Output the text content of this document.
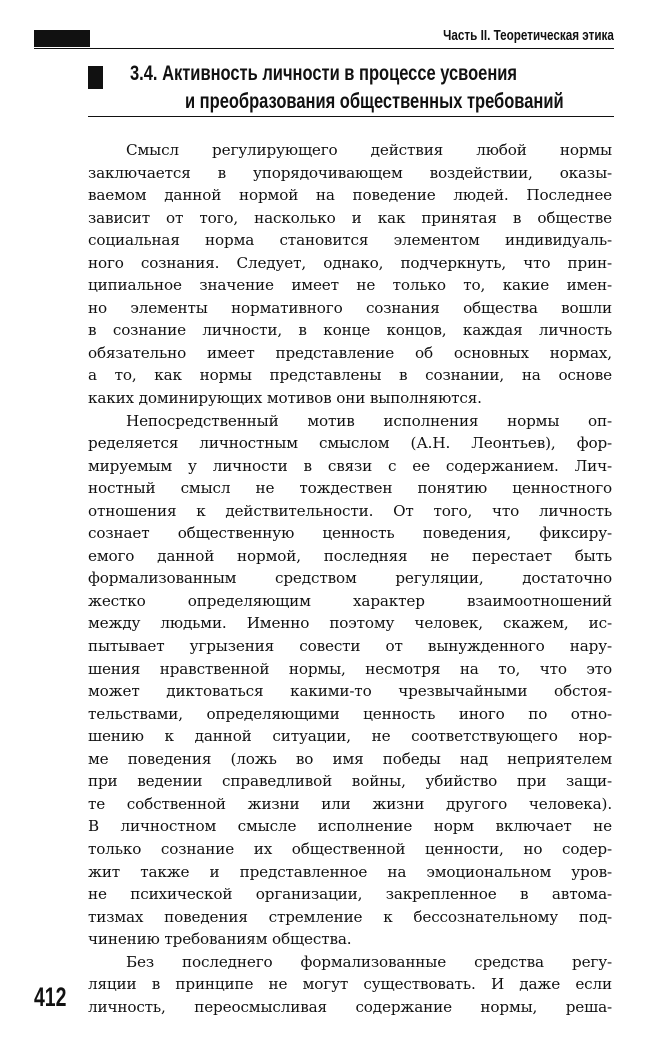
Часть II. Теоретическая этика
3.4. Активность личности в процессе усвоения
и преобразования общественных требований

Смысл регулирующего действия любой нормы

заключается в упорядочивающем воздействии, оказы-

ваемом данной нормой на поведение людей. Последнее

зависит от того, насколько и как принятая в обществе

социальная норма становится элементом индивидуаль-

ного сознания. Следует, однако, подчеркнуть, что прин-

ципиальное значение имеет не только то, какие имен-

но элементы нормативного сознания общества вошли

в сознание личности, в конце концов, каждая личность

обязательно имеет представление об основных нормах,

а то, как нормы представлены в сознании, на основе

каких доминирующих мотивов они выполняются.

Непосредственный мотив исполнения нормы оп-

ределяется личностным смыслом (А.Н. Леонтьев), фор-

мируемым у личности в связи с ее содержанием. Лич-

ностный смысл не тождествен понятию ценностного

отношения к действительности. От того, что личность

сознает общественную ценность поведения, фиксиру-

емого данной нормой, последняя не перестает быть

формализованным средством регуляции, достаточно

жестко определяющим характер взаимоотношений

между людьми. Именно поэтому человек, скажем, ис-

пытывает угрызения совести от вынужденного нару-

шения нравственной нормы, несмотря на то, что это

может диктоваться какими-то чрезвычайными обстоя-

тельствами, определяющими ценность иного по отно-

шению к данной ситуации, не соответствующего нор-

ме поведения (ложь во имя победы над неприятелем

при ведении справедливой войны, убийство при защи-

те собственной жизни или жизни другого человека).

В личностном смысле исполнение норм включает не

только сознание их общественной ценности, но содер-

жит также и представленное на эмоциональном уров-

не психической организации, закрепленное в автома-

тизмах поведения стремление к бессознательному под-

чинению требованиям общества.

Без последнего формализованные средства регу-

ляции в принципе не могут существовать. И даже если

личность, переосмысливая содержание нормы, реша-

412
